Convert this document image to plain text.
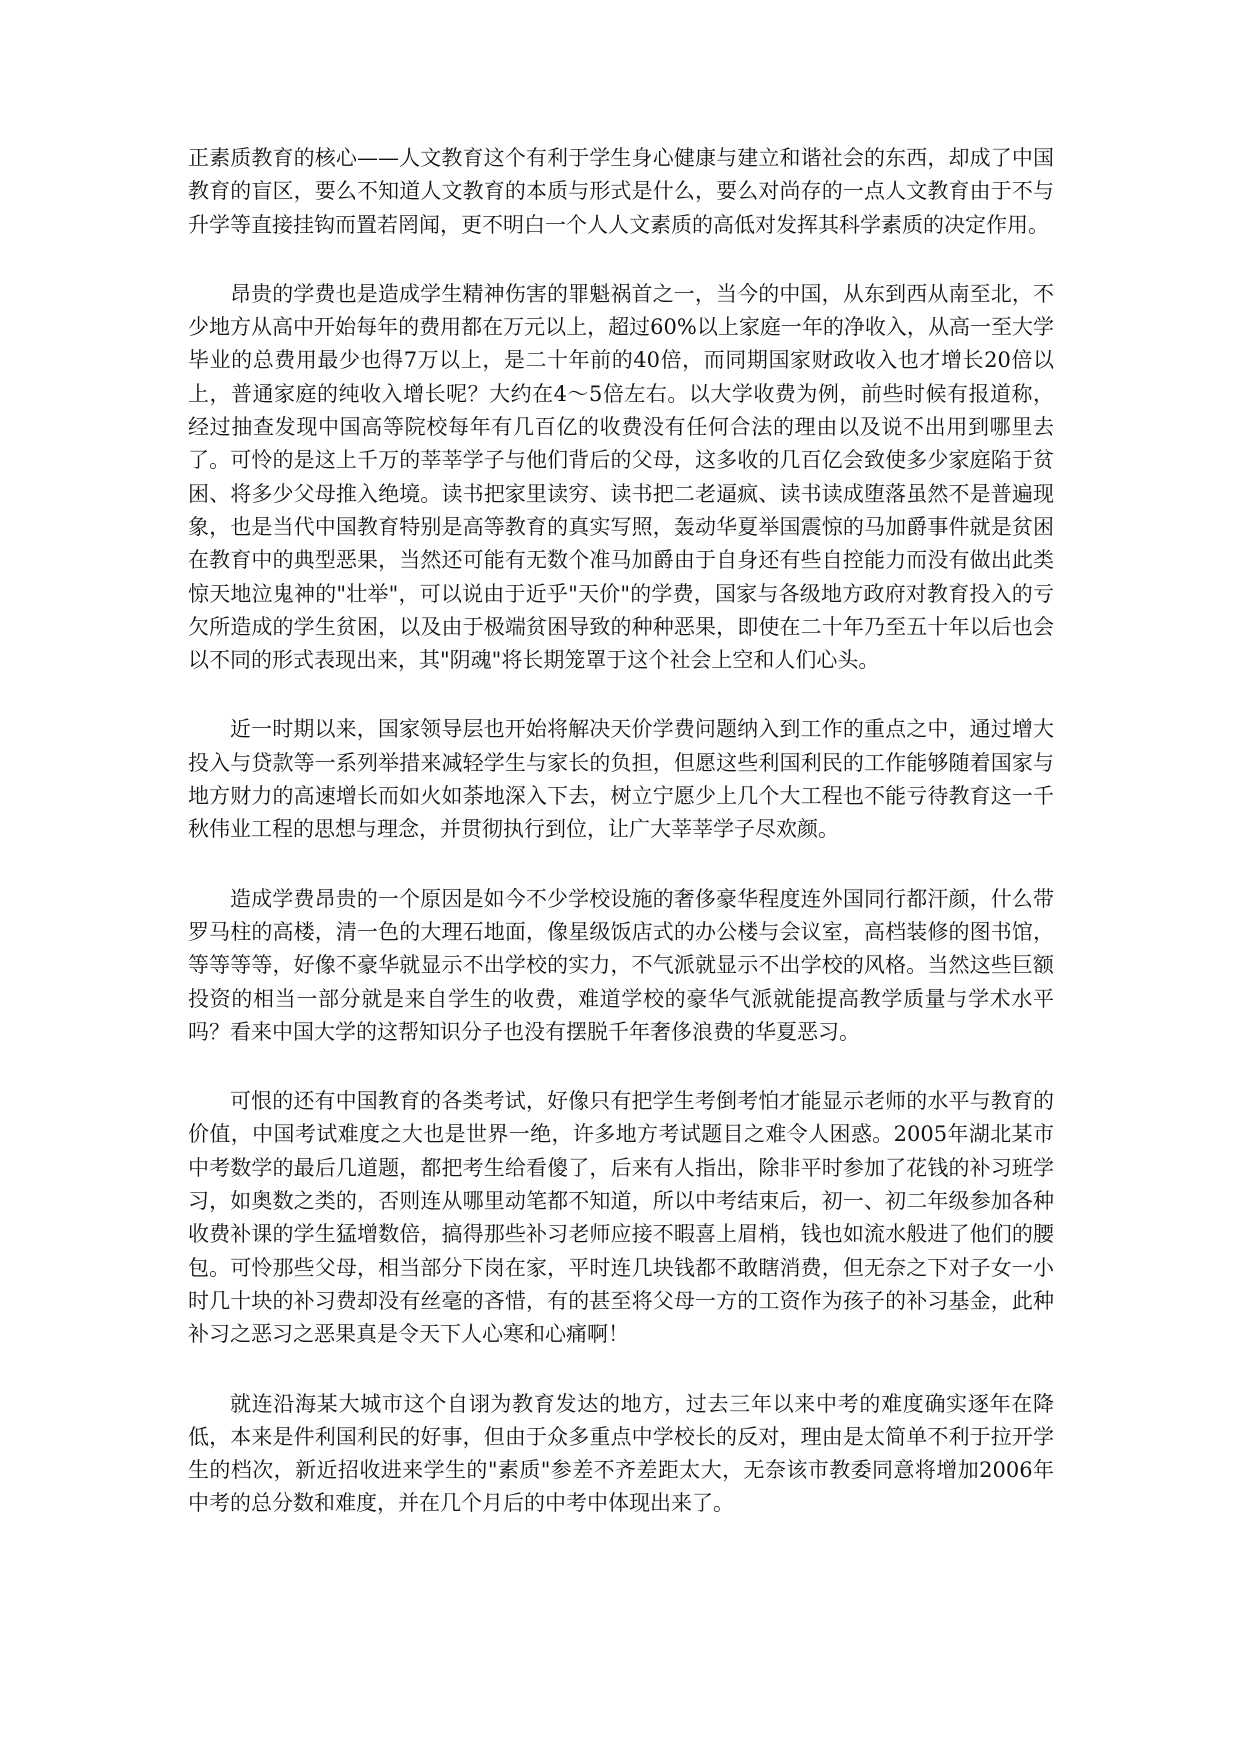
正素质教育的核心——人文教育这个有利于学生身心健康与建立和谐社会的东西，却成了中国教育的盲区，要么不知道人文教育的本质与形式是什么，要么对尚存的一点人文教育由于不与升学等直接挂钩而置若罔闻，更不明白一个人人文素质的高低对发挥其科学素质的决定作用。

昂贵的学费也是造成学生精神伤害的罪魁祸首之一，当今的中国，从东到西从南至北，不少地方从高中开始每年的费用都在万元以上，超过60%以上家庭一年的净收入，从高一至大学毕业的总费用最少也得7万以上，是二十年前的40倍，而同期国家财政收入也才增长20倍以上，普通家庭的纯收入增长呢？大约在4～5倍左右。以大学收费为例，前些时候有报道称，经过抽查发现中国高等院校每年有几百亿的收费没有任何合法的理由以及说不出用到哪里去了。可怜的是这上千万的莘莘学子与他们背后的父母，这多收的几百亿会致使多少家庭陷于贫困、将多少父母推入绝境。读书把家里读穷、读书把二老逼疯、读书读成堕落虽然不是普遍现象，也是当代中国教育特别是高等教育的真实写照，轰动华夏举国震惊的马加爵事件就是贫困在教育中的典型恶果，当然还可能有无数个准马加爵由于自身还有些自控能力而没有做出此类惊天地泣鬼神的"壮举"，可以说由于近乎"天价"的学费，国家与各级地方政府对教育投入的亏欠所造成的学生贫困，以及由于极端贫困导致的种种恶果，即使在二十年乃至五十年以后也会以不同的形式表现出来，其"阴魂"将长期笼罩于这个社会上空和人们心头。

近一时期以来，国家领导层也开始将解决天价学费问题纳入到工作的重点之中，通过增大投入与贷款等一系列举措来减轻学生与家长的负担，但愿这些利国利民的工作能够随着国家与地方财力的高速增长而如火如荼地深入下去，树立宁愿少上几个大工程也不能亏待教育这一千秋伟业工程的思想与理念，并贯彻执行到位，让广大莘莘学子尽欢颜。

造成学费昂贵的一个原因是如今不少学校设施的奢侈豪华程度连外国同行都汗颜，什么带罗马柱的高楼，清一色的大理石地面，像星级饭店式的办公楼与会议室，高档装修的图书馆，等等等等，好像不豪华就显示不出学校的实力，不气派就显示不出学校的风格。当然这些巨额投资的相当一部分就是来自学生的收费，难道学校的豪华气派就能提高教学质量与学术水平吗？看来中国大学的这帮知识分子也没有摆脱千年奢侈浪费的华夏恶习。

可恨的还有中国教育的各类考试，好像只有把学生考倒考怕才能显示老师的水平与教育的价值，中国考试难度之大也是世界一绝，许多地方考试题目之难令人困惑。2005年湖北某市中考数学的最后几道题，都把考生给看傻了，后来有人指出，除非平时参加了花钱的补习班学习，如奥数之类的，否则连从哪里动笔都不知道，所以中考结束后，初一、初二年级参加各种收费补课的学生猛增数倍，搞得那些补习老师应接不暇喜上眉梢，钱也如流水般进了他们的腰包。可怜那些父母，相当部分下岗在家，平时连几块钱都不敢瞎消费，但无奈之下对子女一小时几十块的补习费却没有丝毫的吝惜，有的甚至将父母一方的工资作为孩子的补习基金，此种补习之恶习之恶果真是令天下人心寒和心痛啊！

就连沿海某大城市这个自诩为教育发达的地方，过去三年以来中考的难度确实逐年在降低，本来是件利国利民的好事，但由于众多重点中学校长的反对，理由是太简单不利于拉开学生的档次，新近招收进来学生的"素质"参差不齐差距太大，无奈该市教委同意将增加2006年中考的总分数和难度，并在几个月后的中考中体现出来了。
